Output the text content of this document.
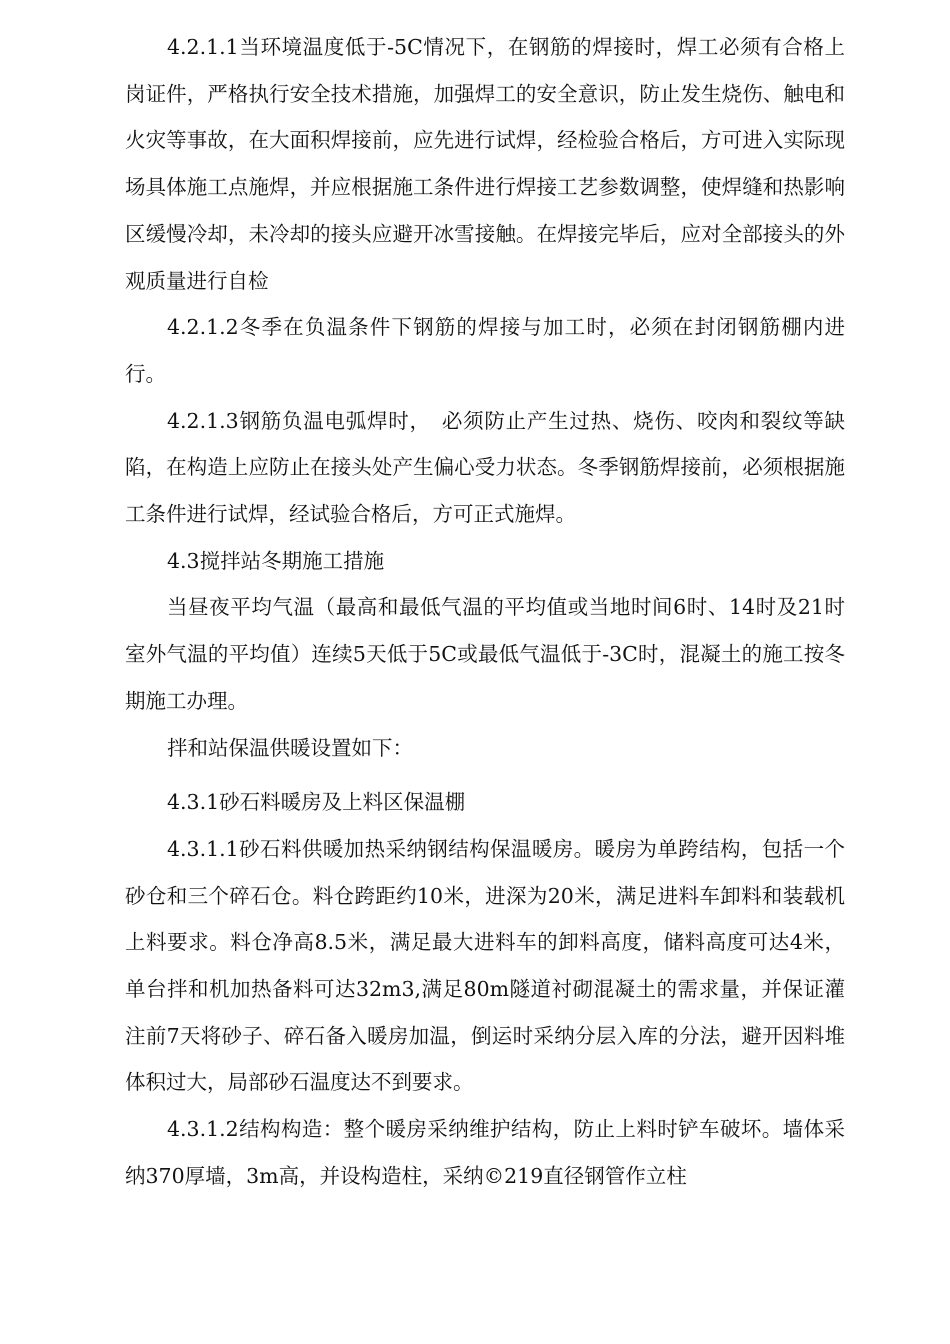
4.2.1.1当环境温度低于-5C情况下，在钢筋的焊接时，焊工必须有合格上岗证件，严格执行安全技术措施，加强焊工的安全意识，防止发生烧伤、触电和火灾等事故，在大面积焊接前，应先进行试焊，经检验合格后，方可进入实际现场具体施工点施焊，并应根据施工条件进行焊接工艺参数调整，使焊缝和热影响区缓慢冷却，未冷却的接头应避开冰雪接触。在焊接完毕后，应对全部接头的外观质量进行自检

4.2.1.2冬季在负温条件下钢筋的焊接与加工时，必须在封闭钢筋棚内进行。

4.2.1.3钢筋负温电弧焊时，　必须防止产生过热、烧伤、咬肉和裂纹等缺陷，在构造上应防止在接头处产生偏心受力状态。冬季钢筋焊接前，必须根据施工条件进行试焊，经试验合格后，方可正式施焊。

4.3搅拌站冬期施工措施

当昼夜平均气温（最高和最低气温的平均值或当地时间6时、14时及21时室外气温的平均值）连续5天低于5C或最低气温低于-3C时，混凝土的施工按冬期施工办理。

拌和站保温供暖设置如下：

4.3.1砂石料暖房及上料区保温棚

4.3.1.1砂石料供暖加热采纳钢结构保温暖房。暖房为单跨结构，包括一个砂仓和三个碎石仓。料仓跨距约10米，进深为20米，满足进料车卸料和装载机上料要求。料仓净高8.5米，满足最大进料车的卸料高度，储料高度可达4米，单台拌和机加热备料可达32m3,满足80m隧道衬砌混凝土的需求量，并保证灌注前7天将砂子、碎石备入暖房加温，倒运时采纳分层入库的分法，避开因料堆体积过大，局部砂石温度达不到要求。

4.3.1.2结构构造：整个暖房采纳维护结构，防止上料时铲车破坏。墙体采纳370厚墙，3m高，并设构造柱，采纳©219直径钢管作立柱
